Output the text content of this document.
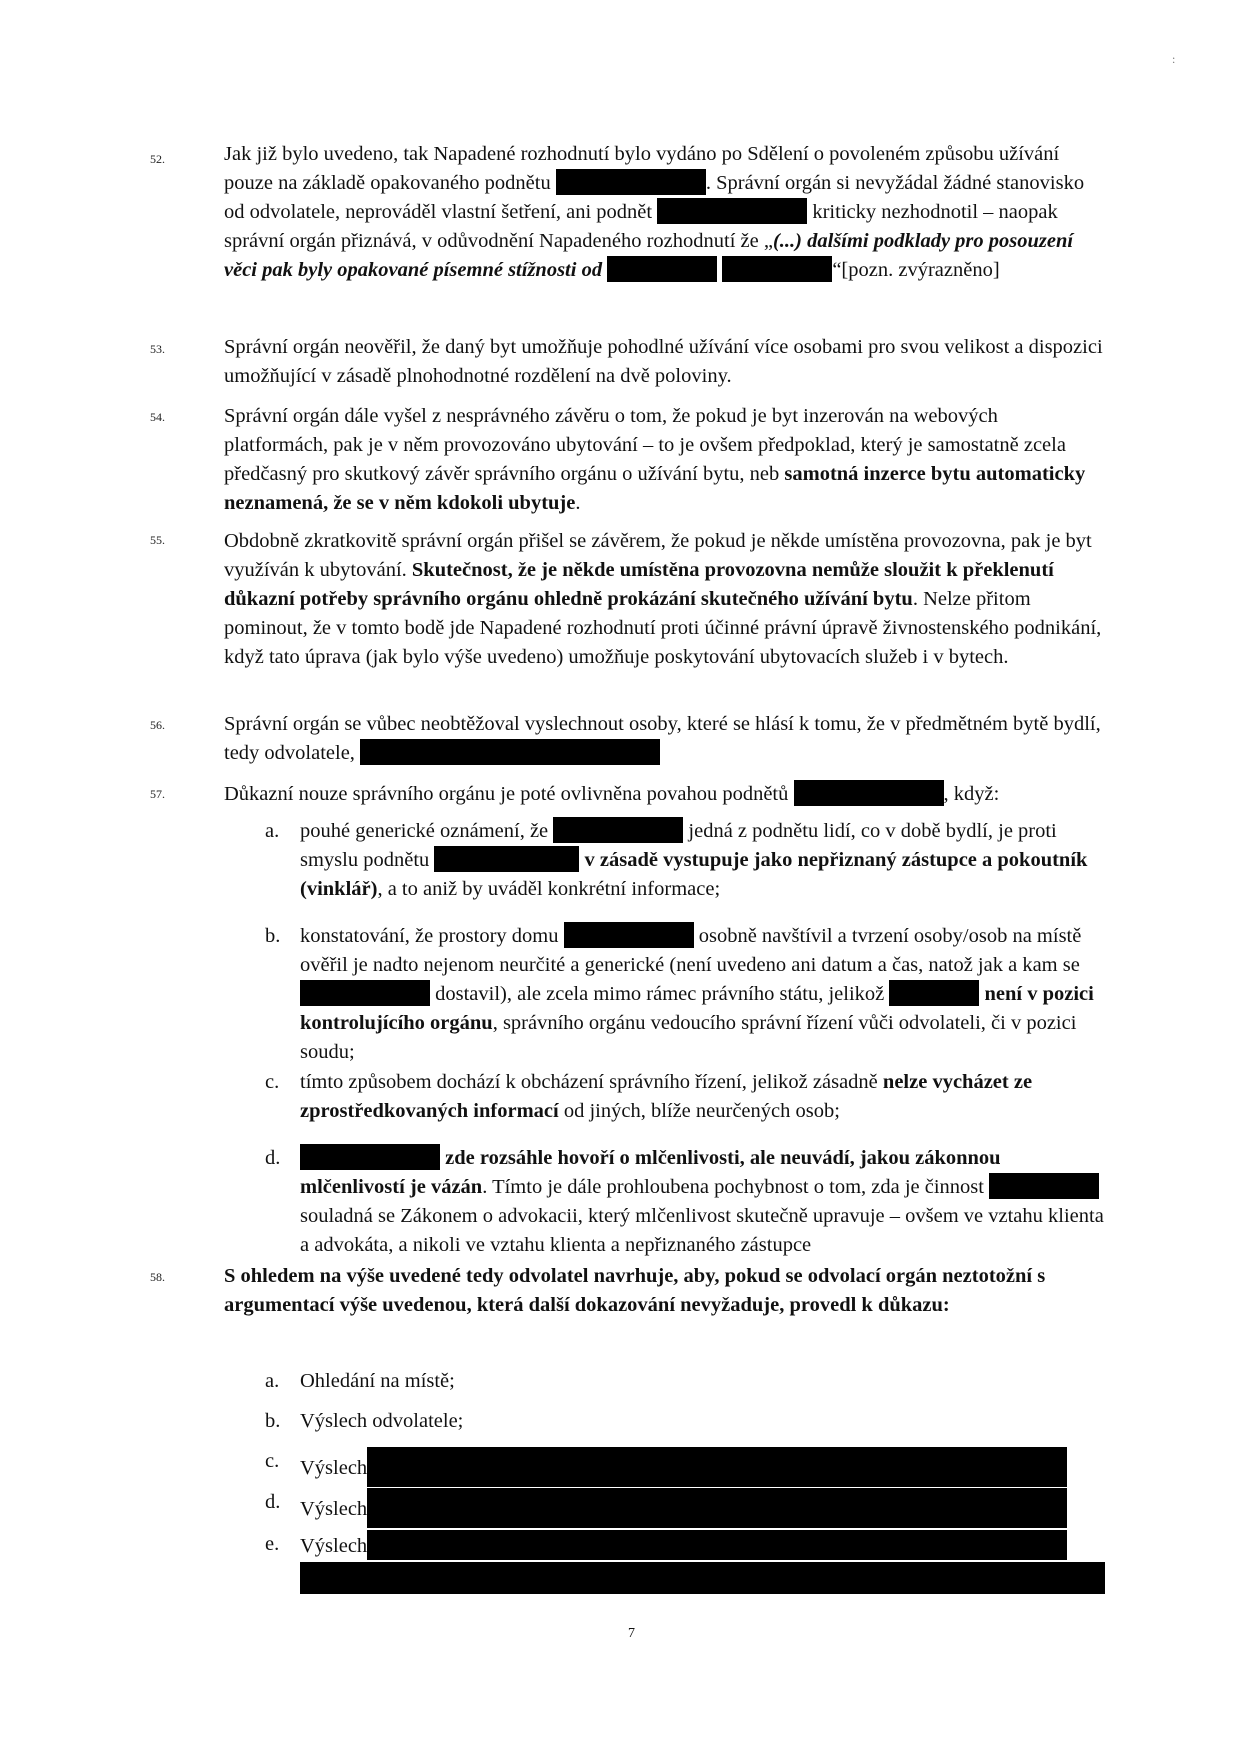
:
52.	Jak již bylo uvedeno, tak Napadené rozhodnutí bylo vydáno po Sdělení o povoleném způsobu užívání pouze na základě opakovaného podnětu	. Správní orgán si nevyžádal žádné stanovisko od odvolatele, neprováděl vlastní šetření, ani podnět	kriticky nezhodnotil – naopak správní orgán přiznává, v odůvodnění Napadeného rozhodnutí že „(...) dalšími podklady pro posouzení věci pak byly opakované písemné stížnosti od	“[pozn. zvýrazněno]
53.	Správní orgán neověřil, že daný byt umožňuje pohodlné užívání více osobami pro svou velikost a dispozici umožňující v zásadě plnohodnotné rozdělení na dvě poloviny.
54.	Správní orgán dále vyšel z nesprávného závěru o tom, že pokud je byt inzerován na webových platformách, pak je v něm provozováno ubytování – to je ovšem předpoklad, který je samostatně zcela předčasný pro skutkový závěr správního orgánu o užívání bytu, neb samotná inzerce bytu automaticky neznamená, že se v něm kdokoli ubytuje.
55.	Obdobně zkratkovitě správní orgán přišel se závěrem, že pokud je někde umístěna provozovna, pak je byt využíván k ubytování. Skutečnost, že je někde umístěna provozovna nemůže sloužit k překlenutí důkazní potřeby správního orgánu ohledně prokázání skutečného užívání bytu. Nelze přitom pominout, že v tomto bodě jde Napadené rozhodnutí proti účinné právní úpravě živnostenského podnikání, když tato úprava (jak bylo výše uvedeno) umožňuje poskytování ubytovacích služeb i v bytech.
56.	Správní orgán se vůbec neobtěžoval vyslechnout osoby, které se hlásí k tomu, že v předmětném bytě bydlí, tedy odvolatele,
57.	Důkazní nouze správního orgánu je poté ovlivněna povahou podnětů	, když:
a. pouhé generické oznámení, že	jedná z podnětu lidí, co v době bydlí, je proti smyslu podnětu	v zásadě vystupuje jako nepřiznaný zástupce a pokoutník (vinklář), a to aniž by uváděl konkrétní informace;
b. konstatování, že prostory domu	osobně navštívil a tvrzení osoby/osob na místě ověřil je nadto nejenom neurčité a generické (není uvedeno ani datum a čas, natož jak a kam se  dostavil), ale zcela mimo rámec právního státu, jelikož	není v pozici kontrolujícího orgánu, správního orgánu vedoucího správní řízení vůči odvolateli, či v pozici soudu;
c. tímto způsobem dochází k obcházení správního řízení, jelikož zásadně nelze vycházet ze zprostředkovaných informací od jiných, blíže neurčených osob;
d.	zde rozsáhle hovoří o mlčenlivosti, ale neuvádí, jakou zákonnou mlčenlivostí je vázán. Tímto je dále prohloubena pochybnost o tom, zda je činnost  souladná se Zákonem o advokacii, který mlčenlivost skutečně upravuje – ovšem ve vztahu klienta a advokáta, a nikoli ve vztahu klienta a nepřiznaného zástupce
58.	S ohledem na výše uvedené tedy odvolatel navrhuje, aby, pokud se odvolací orgán neztotožní s argumentací výše uvedenou, která další dokazování nevyžaduje, provedl k důkazu:
a. Ohledání na místě;
b. Výslech odvolatele;
c. Výslech
d. Výslech
e. Výslech
7
